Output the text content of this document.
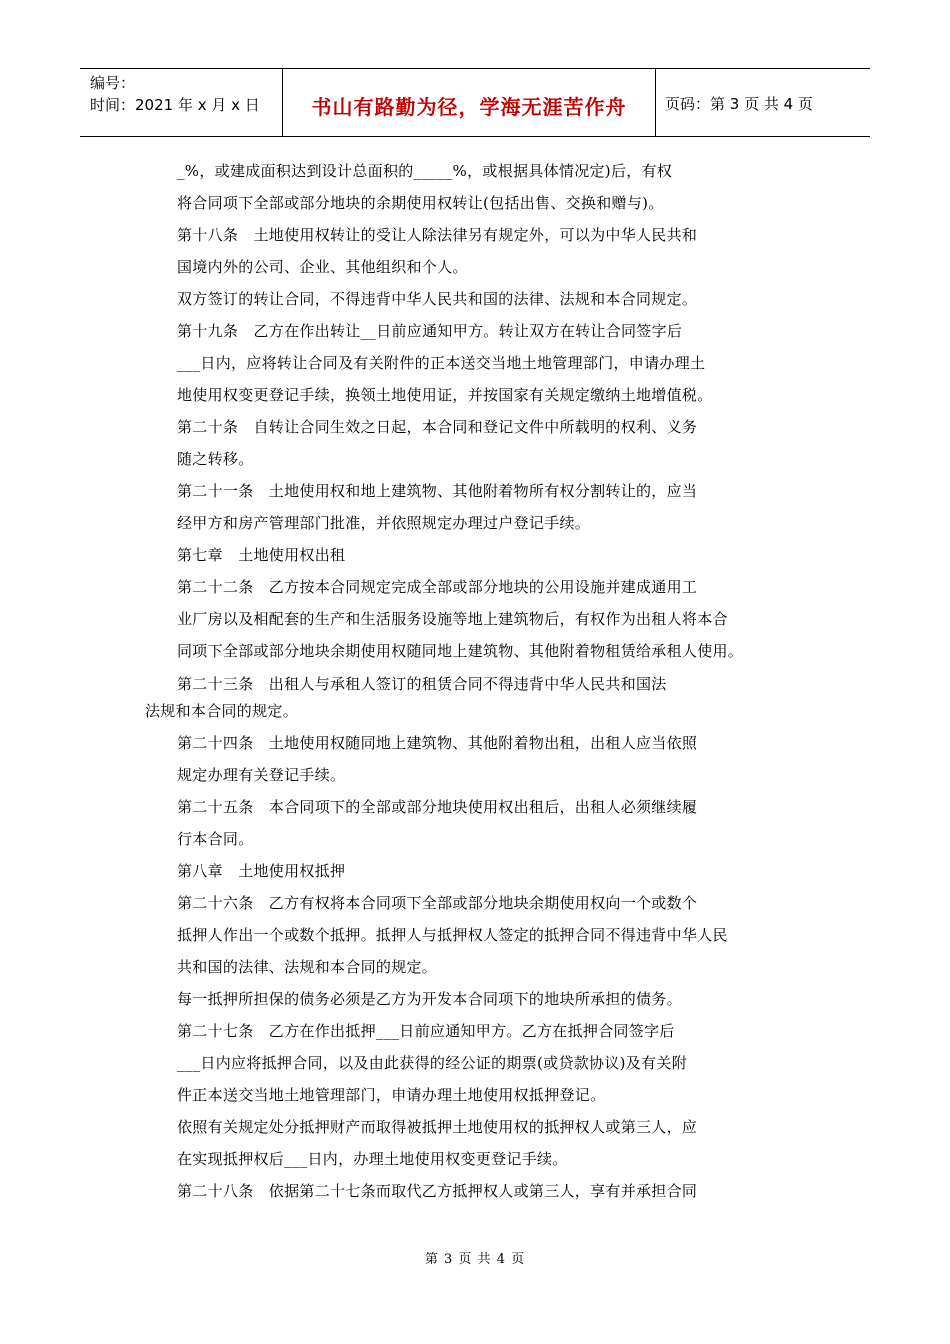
编号：
时间：2021 年 x 月 x 日	书山有路勤为径，学海无涯苦作舟	页码：第 3 页 共 4 页
_%，或建成面积达到设计总面积的_____%，或根据具体情况定)后，有权
将合同项下全部或部分地块的余期使用权转让(包括出售、交换和赠与)。
第十八条　土地使用权转让的受让人除法律另有规定外，可以为中华人民共和
国境内外的公司、企业、其他组织和个人。
双方签订的转让合同，不得违背中华人民共和国的法律、法规和本合同规定。
第十九条　乙方在作出转让__日前应通知甲方。转让双方在转让合同签字后
___日内，应将转让合同及有关附件的正本送交当地土地管理部门，申请办理土
地使用权变更登记手续，换领土地使用证，并按国家有关规定缴纳土地增值税。
第二十条　自转让合同生效之日起，本合同和登记文件中所载明的权利、义务
随之转移。
第二十一条　土地使用权和地上建筑物、其他附着物所有权分割转让的，应当
经甲方和房产管理部门批准，并依照规定办理过户登记手续。
第七章　土地使用权出租
第二十二条　乙方按本合同规定完成全部或部分地块的公用设施并建成通用工
业厂房以及相配套的生产和生活服务设施等地上建筑物后，有权作为出租人将本合
同项下全部或部分地块余期使用权随同地上建筑物、其他附着物租赁给承租人使用。
第二十三条　出租人与承租人签订的租赁合同不得违背中华人民共和国法
法规和本合同的规定。
第二十四条　土地使用权随同地上建筑物、其他附着物出租，出租人应当依照
规定办理有关登记手续。
第二十五条　本合同项下的全部或部分地块使用权出租后，出租人必须继续履
行本合同。
第八章　土地使用权抵押
第二十六条　乙方有权将本合同项下全部或部分地块余期使用权向一个或数个
抵押人作出一个或数个抵押。抵押人与抵押权人签定的抵押合同不得违背中华人民
共和国的法律、法规和本合同的规定。
每一抵押所担保的债务必须是乙方为开发本合同项下的地块所承担的债务。
第二十七条　乙方在作出抵押___日前应通知甲方。乙方在抵押合同签字后
___日内应将抵押合同，以及由此获得的经公证的期票(或贷款协议)及有关附
件正本送交当地土地管理部门，申请办理土地使用权抵押登记。
依照有关规定处分抵押财产而取得被抵押土地使用权的抵押权人或第三人，应
在实现抵押权后___日内，办理土地使用权变更登记手续。
第二十八条　依据第二十七条而取代乙方抵押权人或第三人，享有并承担合同
第 3 页 共 4 页
